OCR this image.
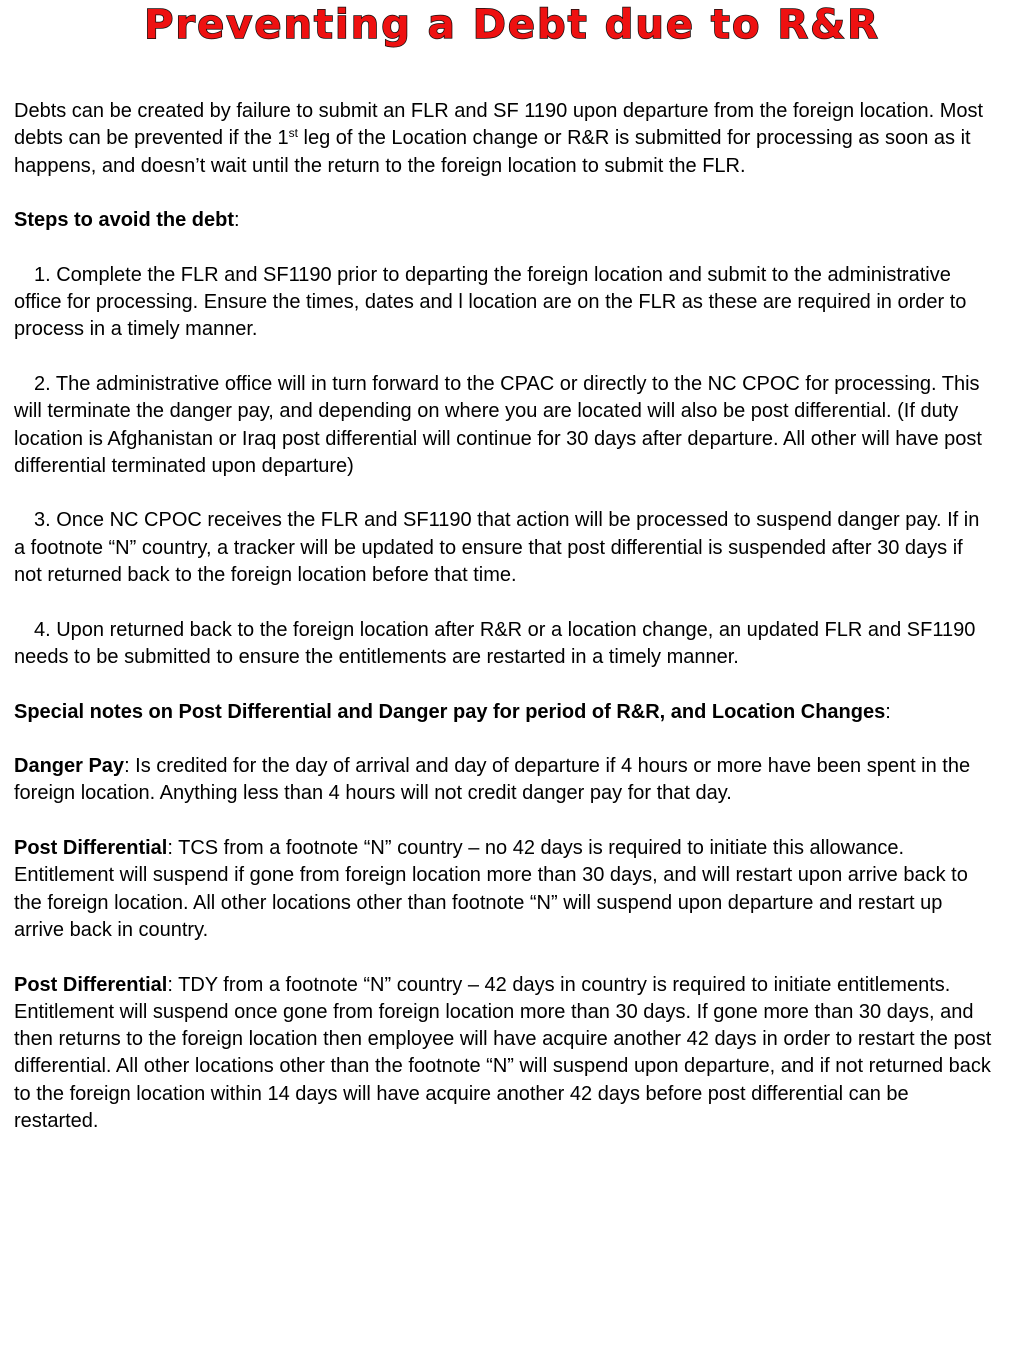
Preventing a Debt due to R&R

Debts can be created by failure to submit an FLR and SF 1190 upon departure from the foreign location. Most debts can be prevented if the 1st leg of the Location change or R&R is submitted for processing as soon as it happens, and doesn’t wait until the return to the foreign location to submit the FLR.

Steps to avoid the debt:

1. Complete the FLR and SF1190 prior to departing the foreign location and submit to the administrative office for processing. Ensure the times, dates and l location are on the FLR as these are required in order to process in a timely manner.

2. The administrative office will in turn forward to the CPAC or directly to the NC CPOC for processing. This will terminate the danger pay, and depending on where you are located will also be post differential. (If duty location is Afghanistan or Iraq post differential will continue for 30 days after departure. All other will have post differential terminated upon departure)

3. Once NC CPOC receives the FLR and SF1190 that action will be processed to suspend danger pay. If in a footnote “N” country, a tracker will be updated to ensure that post differential is suspended after 30 days if not returned back to the foreign location before that time.

4. Upon returned back to the foreign location after R&R or a location change, an updated FLR and SF1190 needs to be submitted to ensure the entitlements are restarted in a timely manner.

Special notes on Post Differential and Danger pay for period of R&R, and Location Changes:

Danger Pay: Is credited for the day of arrival and day of departure if 4 hours or more have been spent in the foreign location. Anything less than 4 hours will not credit danger pay for that day.

Post Differential: TCS from a footnote “N” country – no 42 days is required to initiate this allowance. Entitlement will suspend if gone from foreign location more than 30 days, and will restart upon arrive back to the foreign location. All other locations other than footnote “N” will suspend upon departure and restart up arrive back in country.

Post Differential: TDY from a footnote “N” country – 42 days in country is required to initiate entitlements. Entitlement will suspend once gone from foreign location more than 30 days. If gone more than 30 days, and then returns to the foreign location then employee will have acquire another 42 days in order to restart the post differential. All other locations other than the footnote “N” will suspend upon departure, and if not returned back to the foreign location within 14 days will have acquire another 42 days before post differential can be restarted.
